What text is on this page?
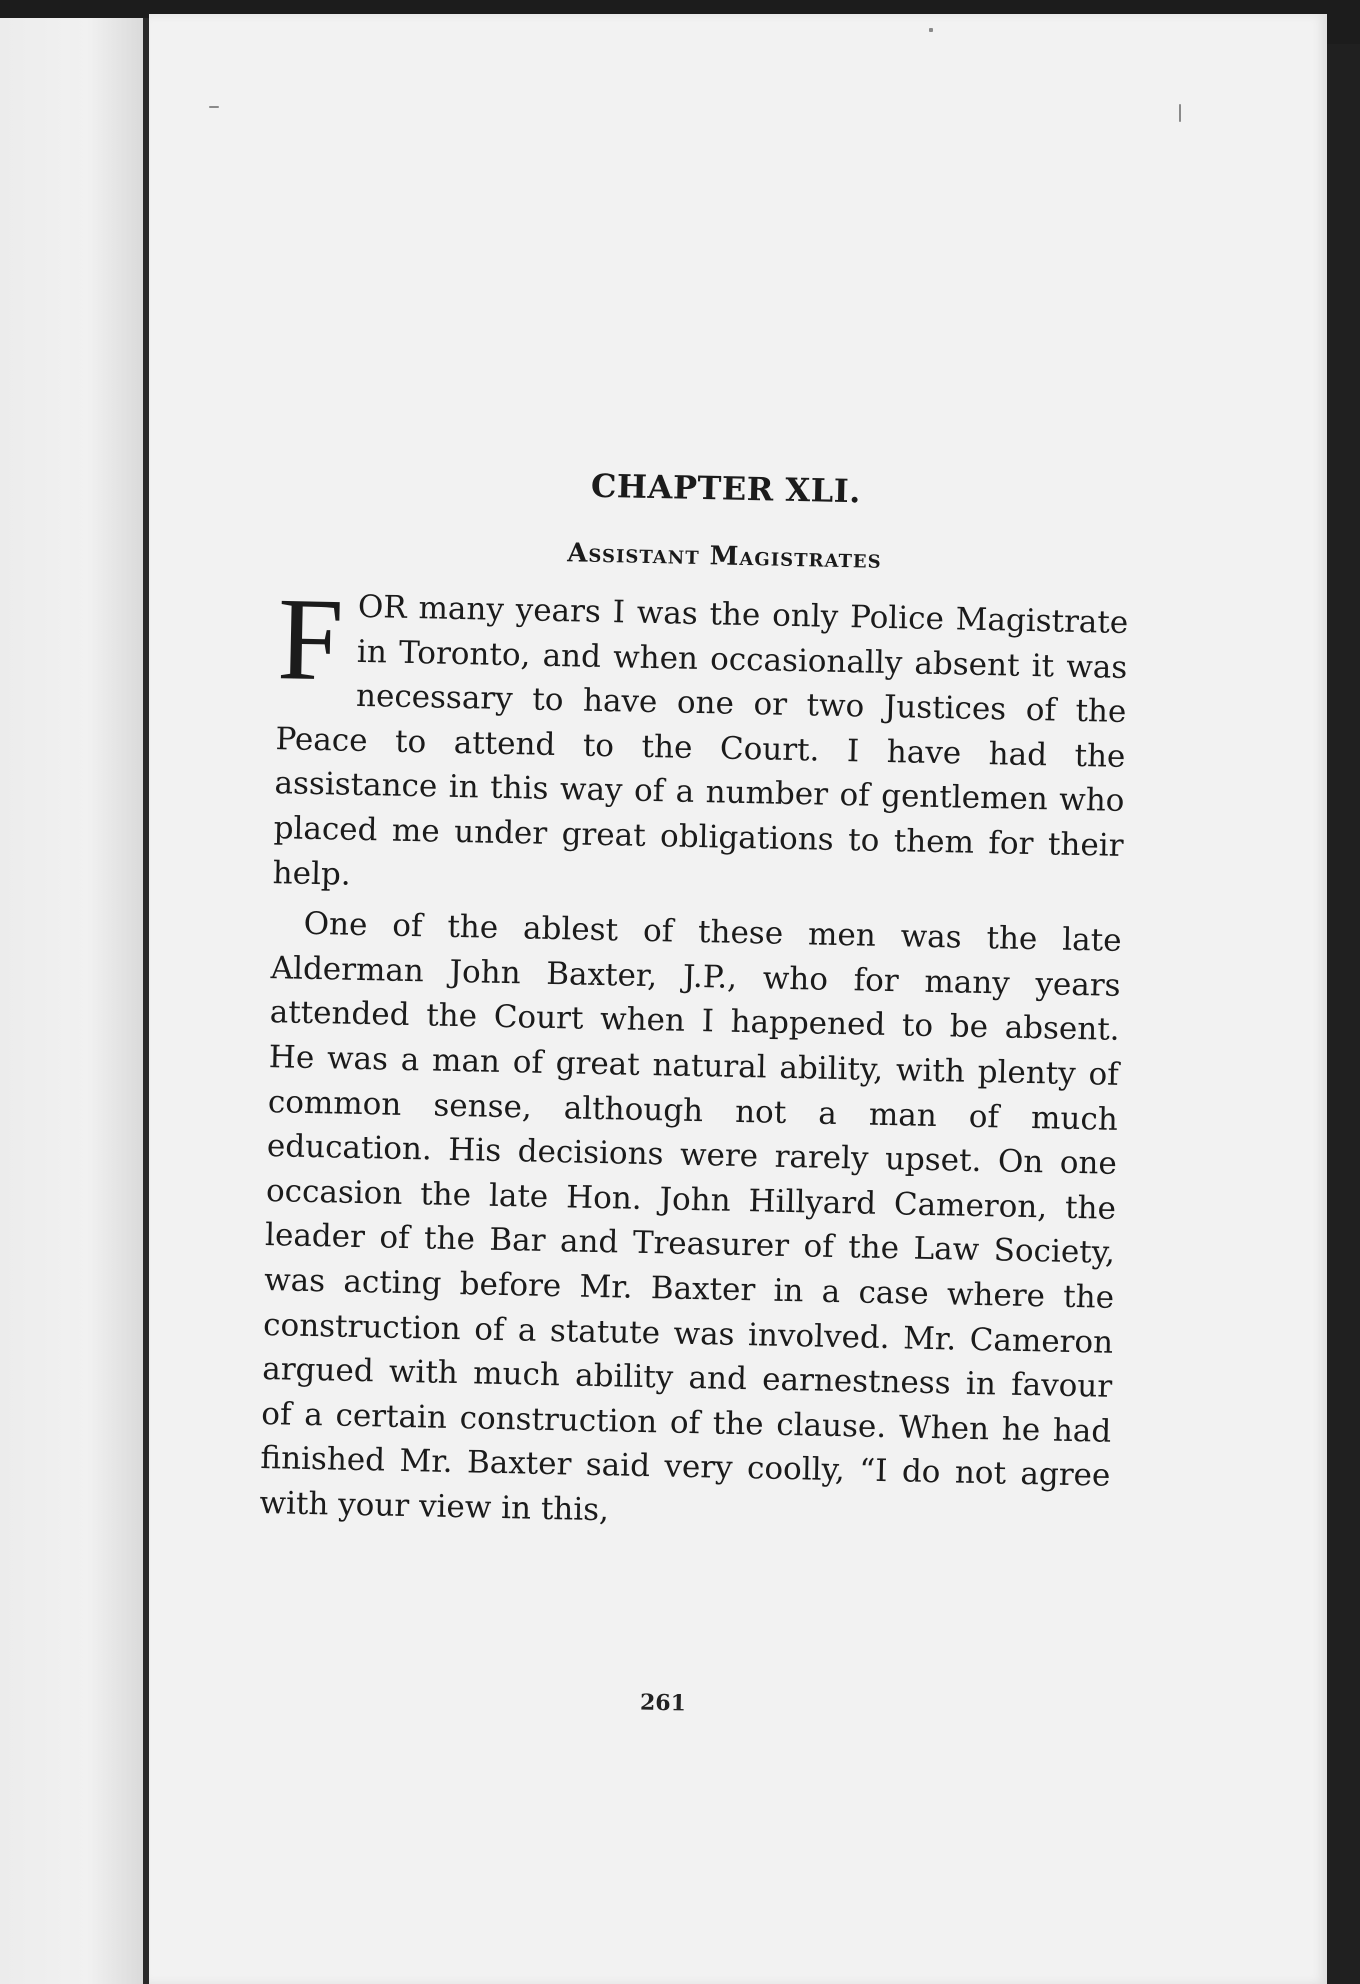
CHAPTER XLI.
Assistant Magistrates

F OR many years I was the only Police Magistrate in Toronto, and when occasionally absent it was necessary to have one or two Justices of the Peace to attend to the Court. I have had the assistance in this way of a number of gentlemen who placed me under great obligations to them for their help.

One of the ablest of these men was the late Alderman John Baxter, J.P., who for many years attended the Court when I happened to be absent. He was a man of great natural ability, with plenty of common sense, although not a man of much education. His decisions were rarely upset. On one occasion the late Hon. John Hillyard Cameron, the leader of the Bar and Treasurer of the Law Society, was acting before Mr. Baxter in a case where the construction of a statute was involved. Mr. Cameron argued with much ability and earnestness in favour of a certain construction of the clause. When he had finished Mr. Baxter said very coolly, “I do not agree with your view in this,

261
